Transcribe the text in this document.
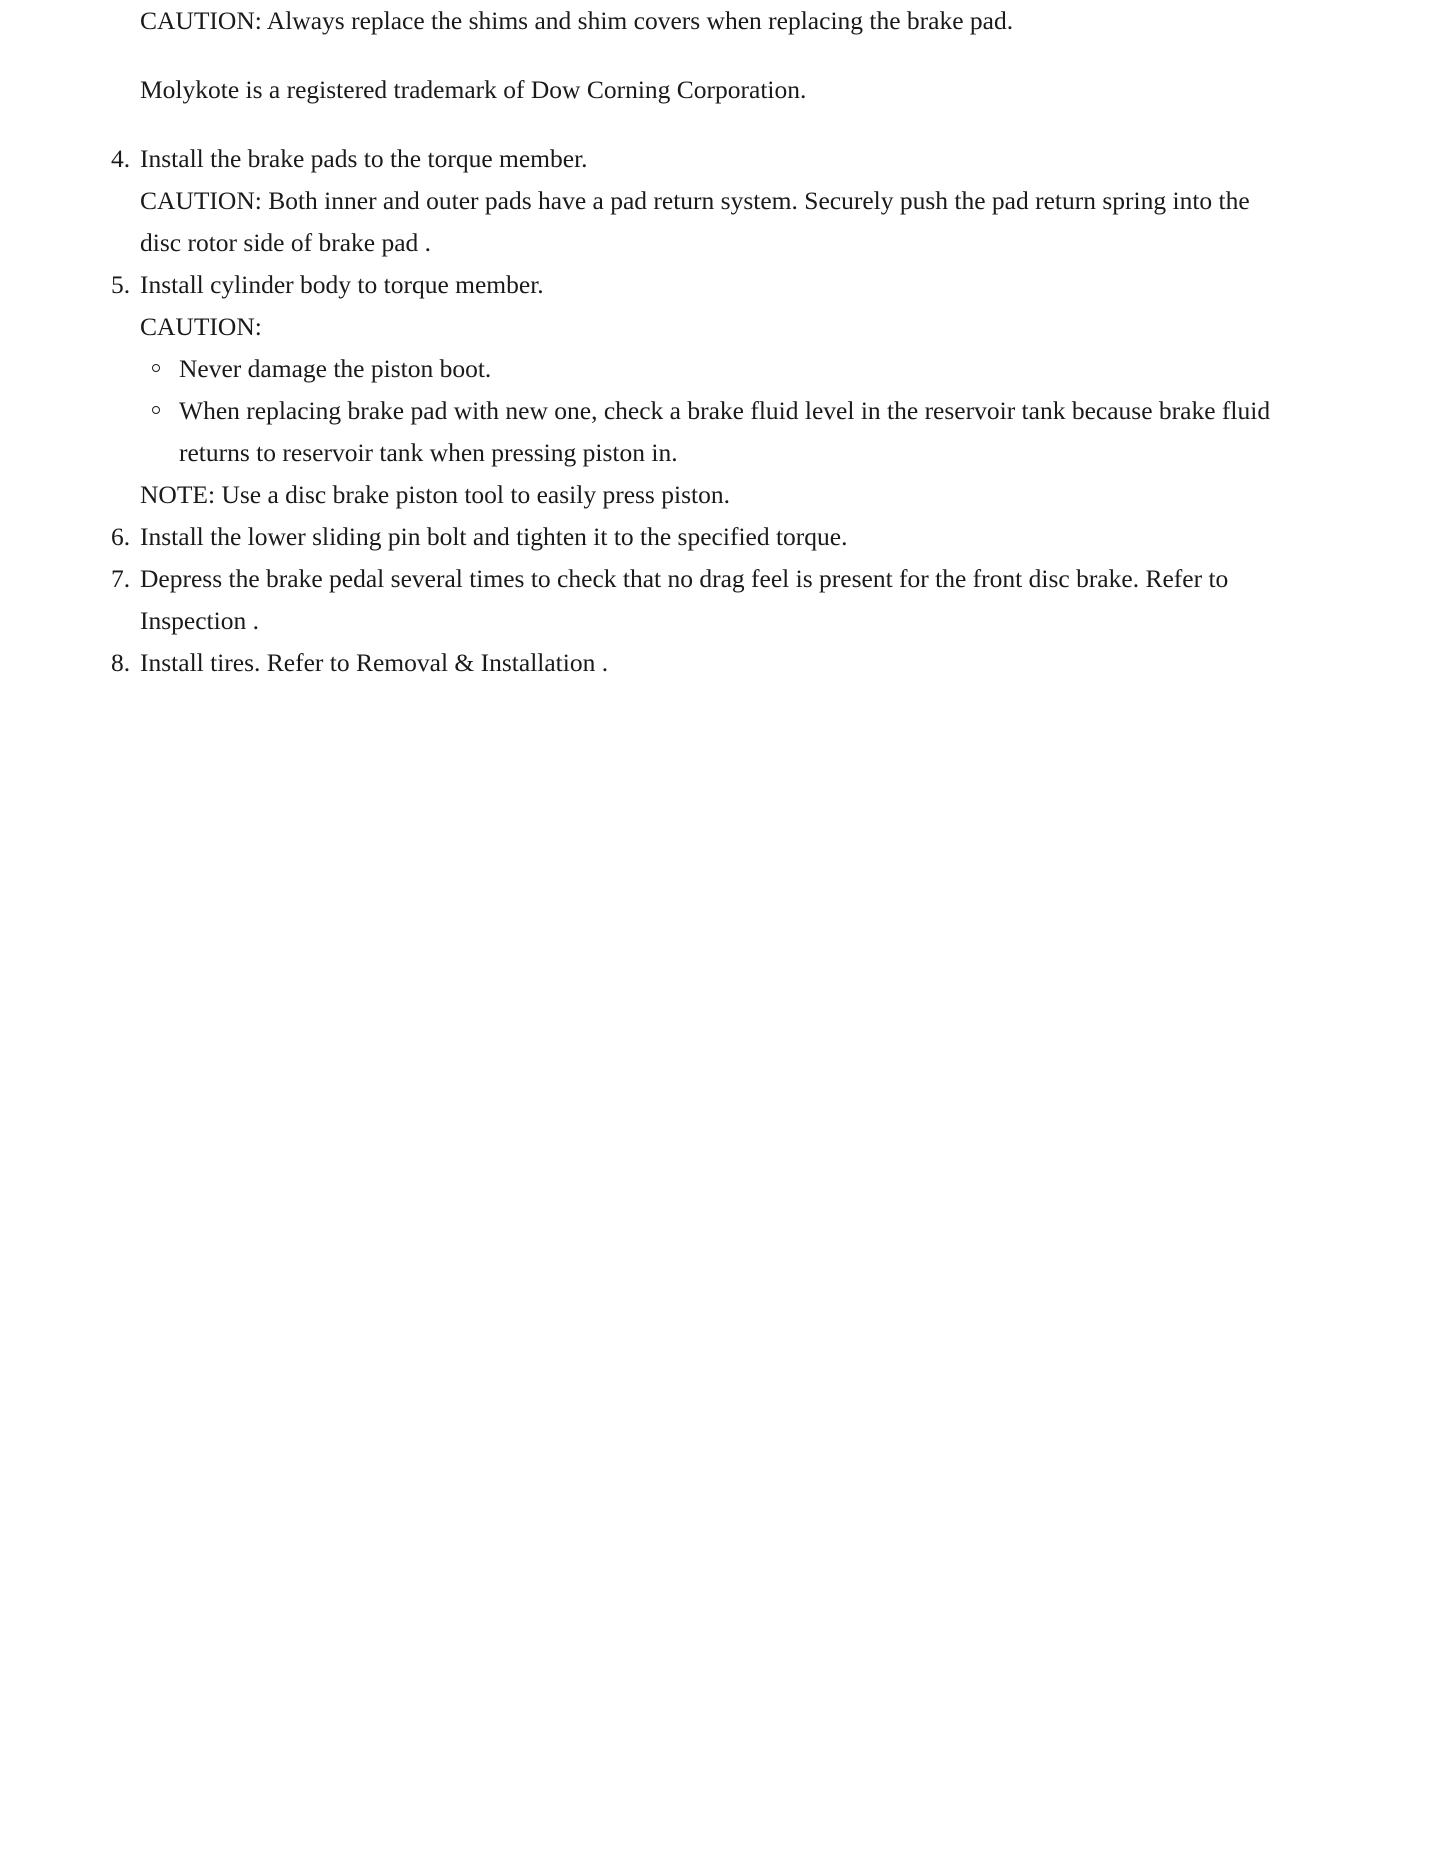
CAUTION: Always replace the shims and shim covers when replacing the brake pad.

Molykote is a registered trademark of Dow Corning Corporation.

4. Install the brake pads to the torque member.
CAUTION: Both inner and outer pads have a pad return system. Securely push the pad return spring into the
disc rotor side of brake pad .
5. Install cylinder body to torque member.
CAUTION:
Never damage the piston boot.
When replacing brake pad with new one, check a brake fluid level in the reservoir tank because brake fluid
returns to reservoir tank when pressing piston in.
NOTE: Use a disc brake piston tool to easily press piston.
6. Install the lower sliding pin bolt and tighten it to the specified torque.
7. Depress the brake pedal several times to check that no drag feel is present for the front disc brake. Refer to
Inspection .
8. Install tires. Refer to Removal & Installation .
